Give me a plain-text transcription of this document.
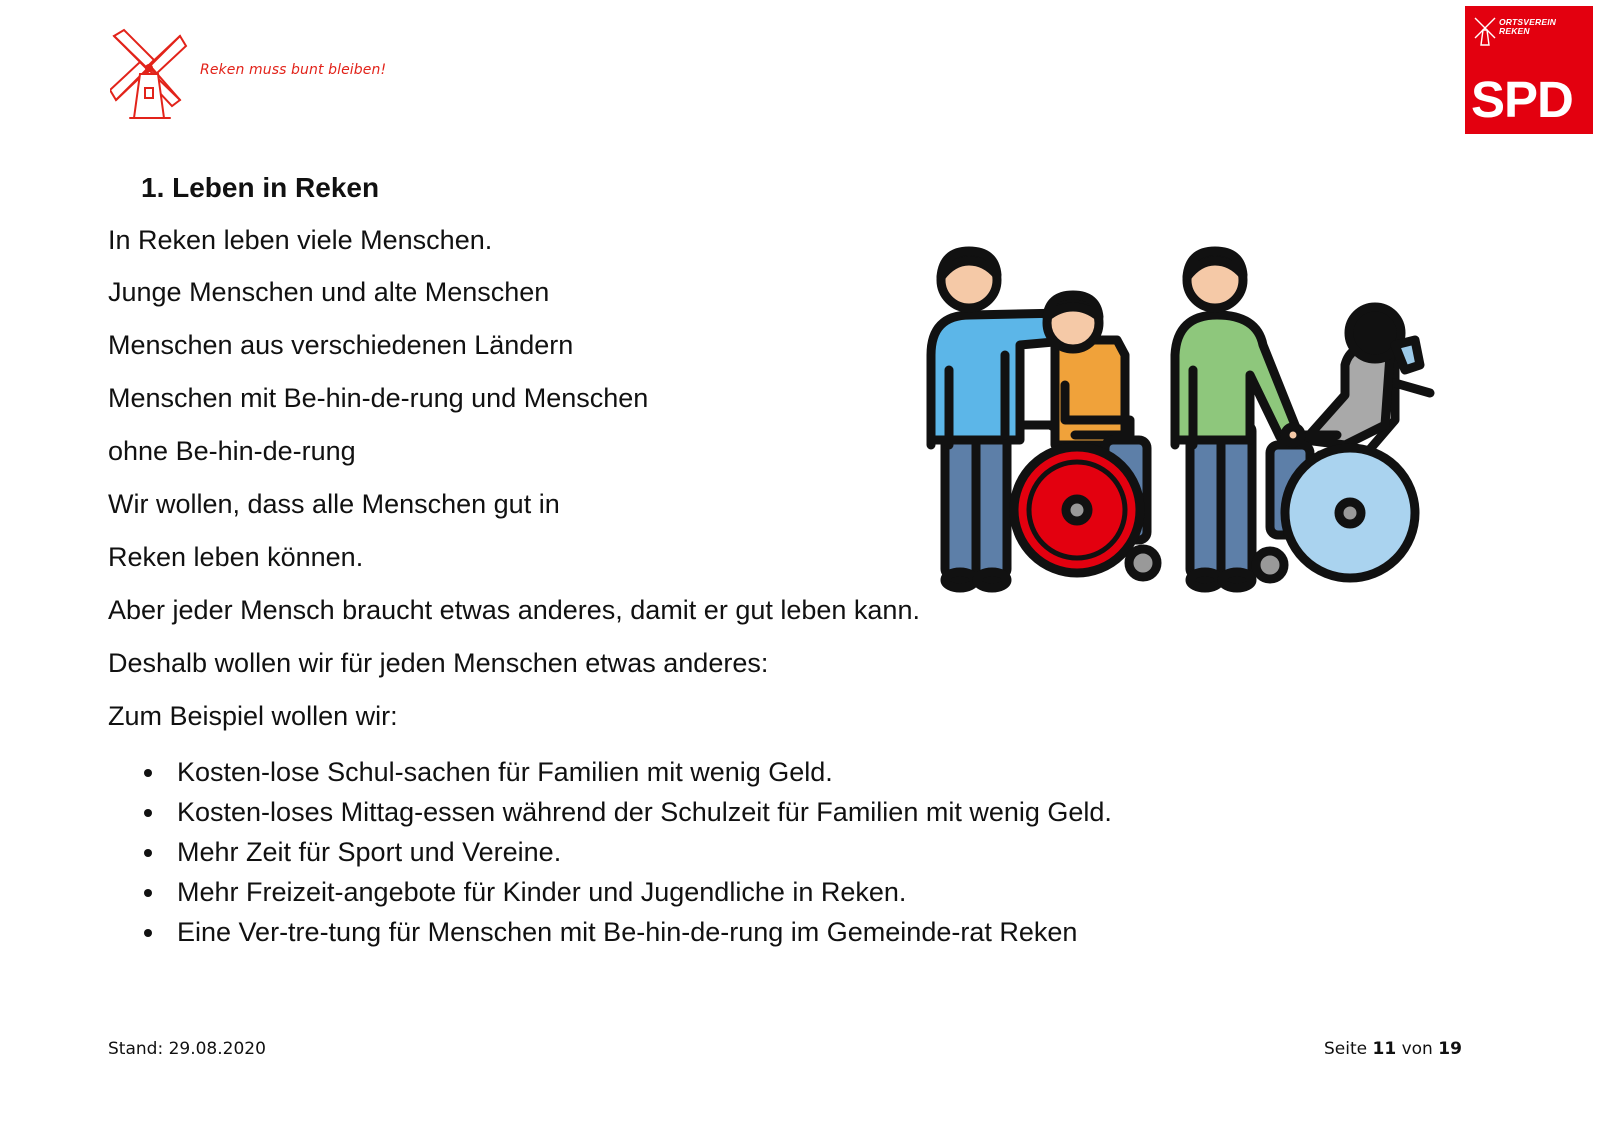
Reken muss bunt bleiben!
ORTSVEREIN
REKEN
SPD
1. Leben in Reken
In Reken leben viele Menschen.
Junge Menschen und alte Menschen
Menschen aus verschiedenen Ländern
Menschen mit Be-hin-de-rung und Menschen
ohne Be-hin-de-rung
Wir wollen, dass alle Menschen gut in
Reken leben können.
Aber jeder Mensch braucht etwas anderes, damit er gut leben kann.
Deshalb wollen wir für jeden Menschen etwas anderes:
Zum Beispiel wollen wir:
Kosten-lose Schul-sachen für Familien mit wenig Geld.
Kosten-loses Mittag-essen während der Schulzeit für Familien mit wenig Geld.
Mehr Zeit für Sport und Vereine.
Mehr Freizeit-angebote für Kinder und Jugendliche in Reken.
Eine Ver-tre-tung für Menschen mit Be-hin-de-rung im Gemeinde-rat Reken
Stand: 29.08.2020	Seite 11 von 19
